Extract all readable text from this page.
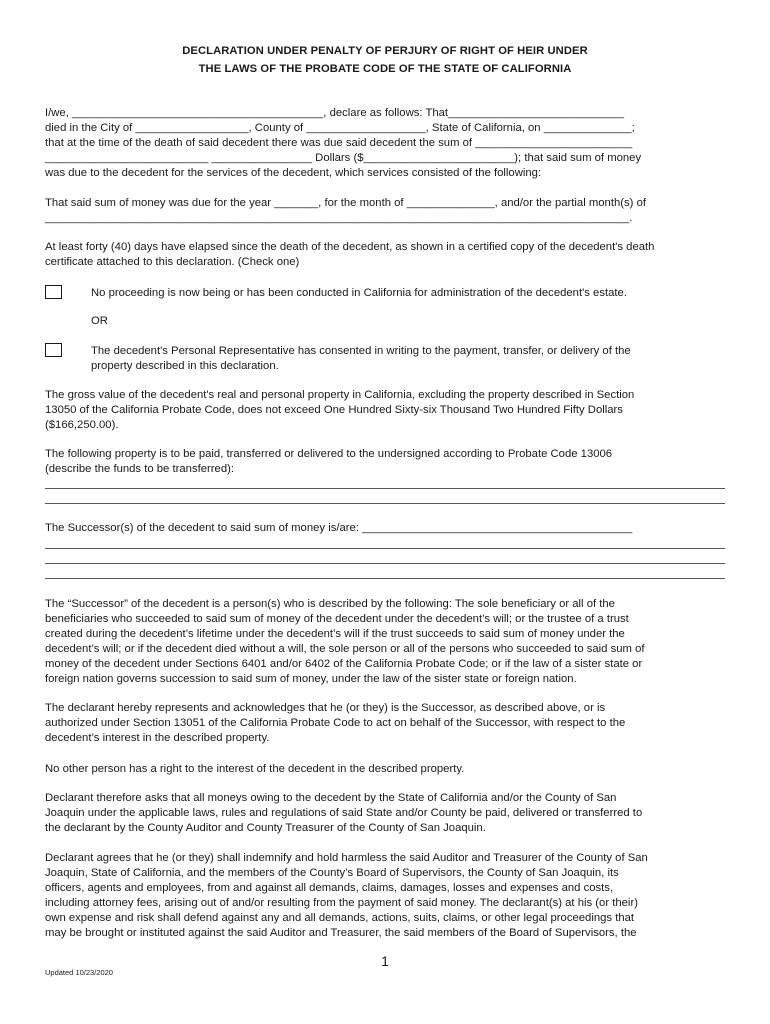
DECLARATION UNDER PENALTY OF PERJURY OF RIGHT OF HEIR UNDER
THE LAWS OF THE PROBATE CODE OF THE STATE OF CALIFORNIA
I/we, ________________________________________, declare as follows: That____________________________
died in the City of __________________, County of ___________________, State of California, on ______________;
that at the time of the death of said decedent there was due said decedent the sum of _________________________
__________________________ ________________ Dollars ($________________________); that said sum of money
was due to the decedent for the services of the decedent, which services consisted of the following:
That said sum of money was due for the year _______, for the month of ______________, and/or the partial month(s) of
_____________________________________________________________________________________________.
At least forty (40) days have elapsed since the death of the decedent, as shown in a certified copy of the decedent's death
certificate attached to this declaration. (Check one)
No proceeding is now being or has been conducted in California for administration of the decedent's estate.
OR
The decedent's Personal Representative has consented in writing to the payment, transfer, or delivery of the
property described in this declaration.
The gross value of the decedent's real and personal property in California, excluding the property described in Section
13050 of the California Probate Code, does not exceed One Hundred Sixty-six Thousand Two Hundred Fifty Dollars
($166,250.00).
The following property is to be paid, transferred or delivered to the undersigned according to Probate Code 13006
(describe the funds to be transferred):
The Successor(s) of the decedent to said sum of money is/are: ___________________________________________
The “Successor” of the decedent is a person(s) who is described by the following: The sole beneficiary or all of the
beneficiaries who succeeded to said sum of money of the decedent under the decedent’s will; or the trustee of a trust
created during the decedent’s lifetime under the decedent’s will if the trust succeeds to said sum of money under the
decedent’s will; or if the decedent died without a will, the sole person or all of the persons who succeeded to said sum of
money of the decedent under Sections 6401 and/or 6402 of the California Probate Code; or if the law of a sister state or
foreign nation governs succession to said sum of money, under the law of the sister state or foreign nation.
The declarant hereby represents and acknowledges that he (or they) is the Successor, as described above, or is
authorized under Section 13051 of the California Probate Code to act on behalf of the Successor, with respect to the
decedent’s interest in the described property.
No other person has a right to the interest of the decedent in the described property.
Declarant therefore asks that all moneys owing to the decedent by the State of California and/or the County of San
Joaquin under the applicable laws, rules and regulations of said State and/or County be paid, delivered or transferred to
the declarant by the County Auditor and County Treasurer of the County of San Joaquin.
Declarant agrees that he (or they) shall indemnify and hold harmless the said Auditor and Treasurer of the County of San
Joaquin, State of California, and the members of the County’s Board of Supervisors, the County of San Joaquin, its
officers, agents and employees, from and against all demands, claims, damages, losses and expenses and costs,
including attorney fees, arising out of and/or resulting from the payment of said money. The declarant(s) at his (or their)
own expense and risk shall defend against any and all demands, actions, suits, claims, or other legal proceedings that
may be brought or instituted against the said Auditor and Treasurer, the said members of the Board of Supervisors, the
1
Updated 10/23/2020
